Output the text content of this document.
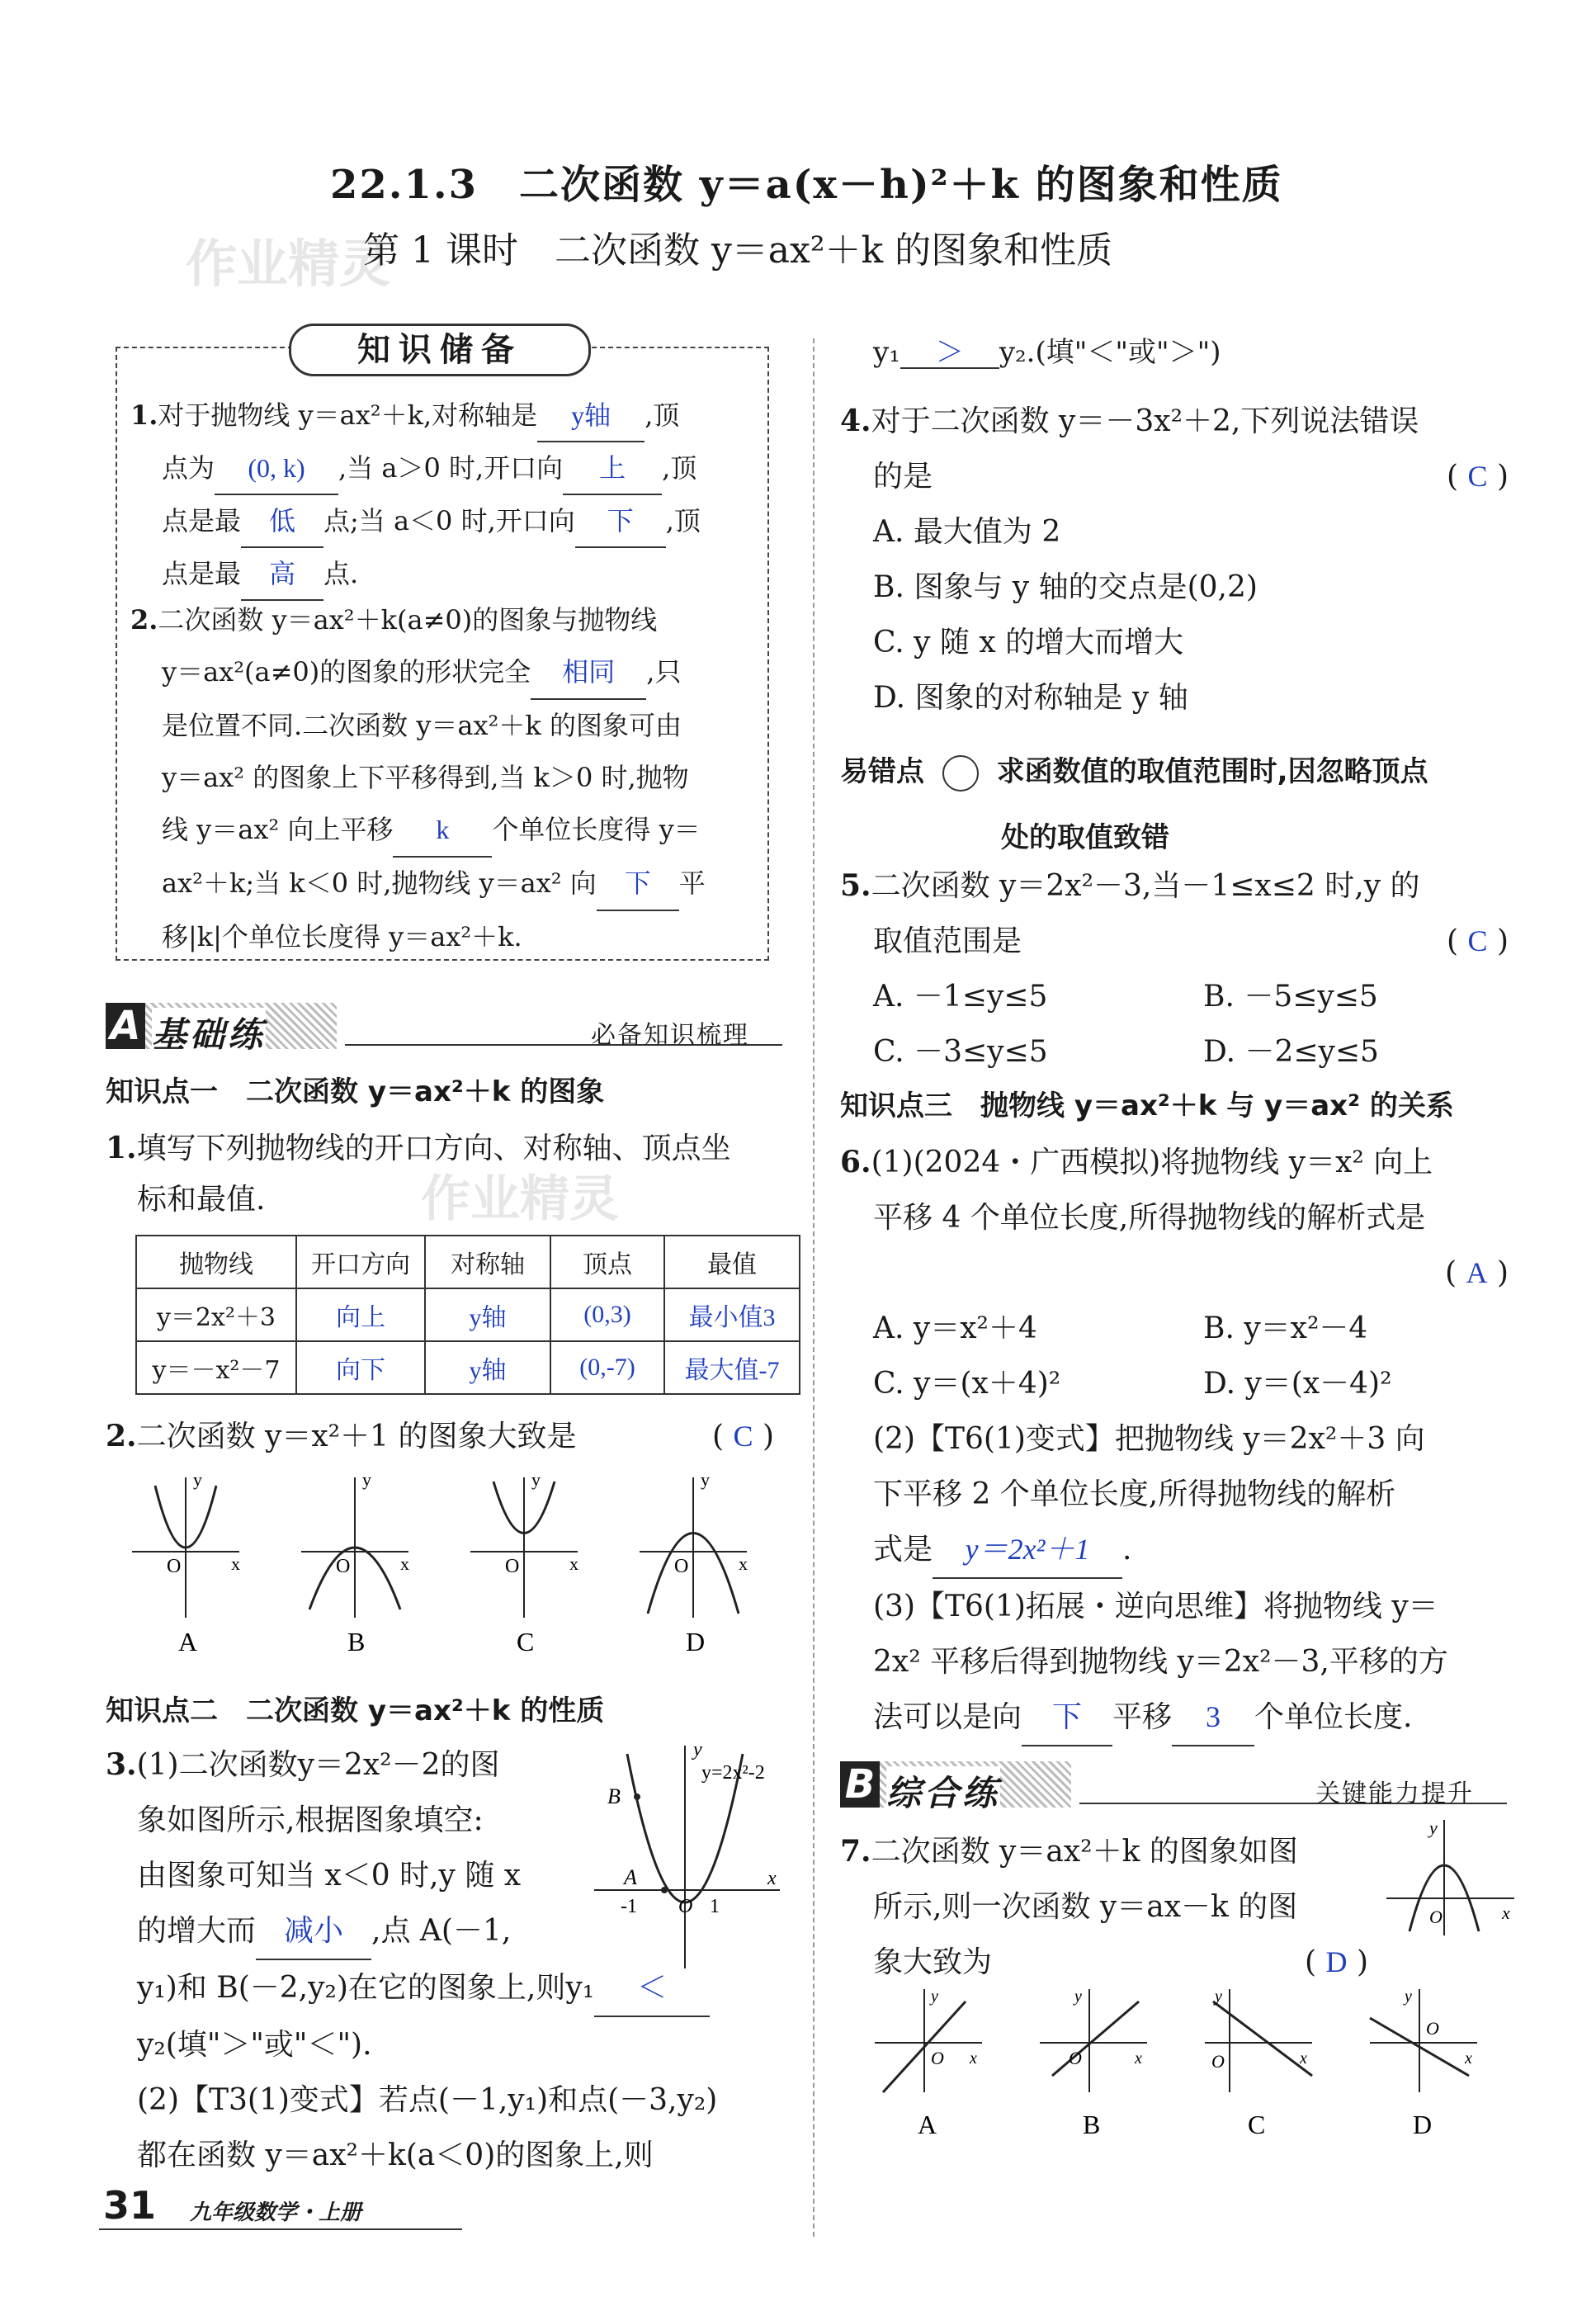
22.1.3　二次函数 y＝a(x－h)²＋k 的图象和性质
作业精灵
第 1 课时　二次函数 y＝ax²＋k 的图象和性质
知识储备
1.对于抛物线 y＝ax²＋k,对称轴是 y轴 ,顶
点为 (0, k) ,当 a＞0 时,开口向 上 ,顶
点是最 低 点;当 a＜0 时,开口向 下 ,顶
点是最 高 点.
2.二次函数 y＝ax²＋k(a≠0)的图象与抛物线
y＝ax²(a≠0)的图象的形状完全 相同 ,只
是位置不同.二次函数 y＝ax²＋k 的图象可由
y＝ax² 的图象上下平移得到,当 k＞0 时,抛物
线 y＝ax² 向上平移 k 个单位长度得 y＝
ax²＋k;当 k＜0 时,抛物线 y＝ax² 向 下 平
移|k|个单位长度得 y＝ax²＋k.
A 基础练	必备知识梳理
知识点一　二次函数 y＝ax²＋k 的图象
1.填写下列抛物线的开口方向、对称轴、顶点坐
标和最值.
抛物线	开口方向	对称轴	顶点	最值
y＝2x²＋3	向上	y轴	(0,3)	最小值3
y＝－x²－7	向下	y轴	(0,-7)	最大值-7
作业精灵
2.二次函数 y＝x²＋1 的图象大致是	( C )
y
x
O
A
y
x
O
B
y
x
O
C
y
x
O
D
知识点二　二次函数 y＝ax²＋k 的性质
3.(1)二次函数y＝2x²－2的图
象如图所示,根据图象填空:
由图象可知当 x＜0 时,y 随 x
的增大而 减小 ,点 A(－1,
y₁)和 B(－2,y₂)在它的图象上,则y₁ ＜
y₂(填"＞"或"＜").
(2)【T3(1)变式】若点(－1,y₁)和点(－3,y₂)
都在函数 y＝ax²＋k(a＜0)的图象上,则
y
y=2x²-2
B
A	x
-1 O 1
y₁ ＞ y₂.(填"＜"或"＞")
4.对于二次函数 y＝－3x²＋2,下列说法错误
的是	( C )
A. 最大值为 2
B. 图象与 y 轴的交点是(0,2)
C. y 随 x 的增大而增大
D. 图象的对称轴是 y 轴
易错点	求函数值的取值范围时,因忽略顶点
处的取值致错
5.二次函数 y＝2x²－3,当－1≤x≤2 时,y 的
取值范围是	( C )
A. －1≤y≤5	B. －5≤y≤5
C. －3≤y≤5	D. －2≤y≤5
知识点三　抛物线 y＝ax²＋k 与 y＝ax² 的关系
6.(1)(2024・广西模拟)将抛物线 y＝x² 向上
平移 4 个单位长度,所得抛物线的解析式是
( A )
A. y＝x²＋4	B. y＝x²－4
C. y＝(x＋4)²	D. y＝(x－4)²
(2)【T6(1)变式】把抛物线 y＝2x²＋3 向
下平移 2 个单位长度,所得抛物线的解析
式是 y＝2x²＋1 .
(3)【T6(1)拓展・逆向思维】将抛物线 y＝
2x² 平移后得到抛物线 y＝2x²－3,平移的方
法可以是向 下 平移 3 个单位长度.
B 综合练	关键能力提升
7.二次函数 y＝ax²＋k 的图象如图
所示,则一次函数 y＝ax－k 的图
象大致为	( D )
y
x
O
y
x
O
A
y
x
O
B
y
x
O
C
y
x
O
D
31 九年级数学・上册
